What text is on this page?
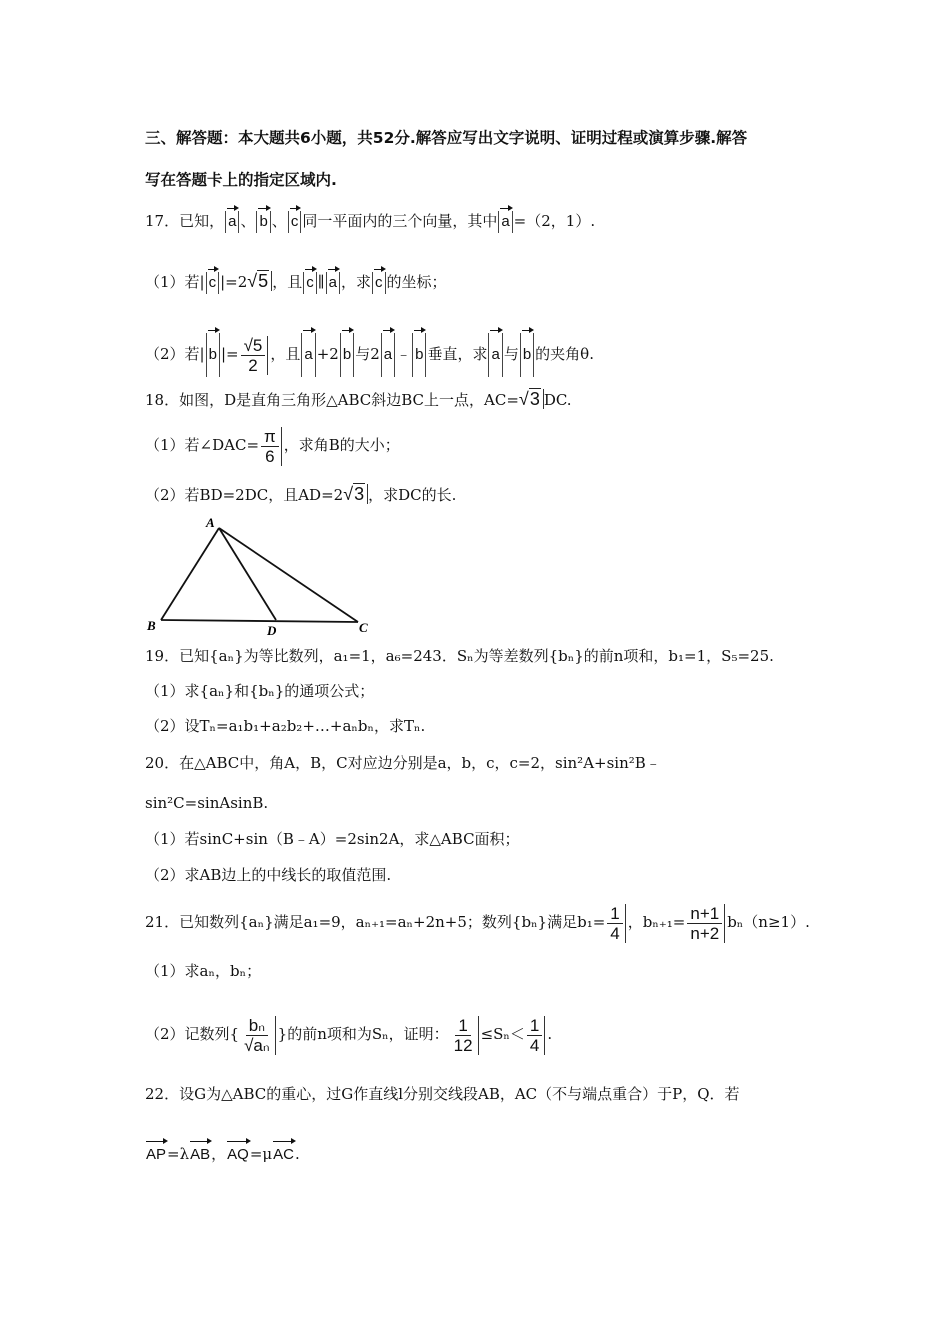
三、解答题：本大题共6小题，共52分.解答应写出文字说明、证明过程或演算步骤.解答
写在答题卡上的指定区域内.
17．已知， a 、 b 、 c 同一平面内的三个向量，其中 a =（2，1）.
（1）若| c |=2√5 ，且 c ∥ a ，求 c 的坐标；
（2）若| b |= $\frac{√5}{2}$ ，且 a +2 b 与2 a ﹣ b 垂直，求 a 与 b 的夹角θ.
18．如图，D是直角三角形△ABC斜边BC上一点，AC=√3 DC.
（1）若∠DAC= $\frac{\pi}{6}$ ，求角B的大小；
（2）若BD=2DC，且AD=2√3 ，求DC的长.
A
B	D	C
19．已知{aₙ}为等比数列，a₁=1，a₆=243．Sₙ为等差数列{bₙ}的前n项和，b₁=1，S₅=25.
（1）求{aₙ}和{bₙ}的通项公式；
（2）设Tₙ=a₁b₁+a₂b₂+…+aₙbₙ，求Tₙ.
20．在△ABC中，角A，B，C对应边分别是a，b，c，c=2，sin²A+sin²B﹣
sin²C=sinAsinB.
（1）若sinC+sin（B﹣A）=2sin2A，求△ABC面积；
（2）求AB边上的中线长的取值范围.
21．已知数列{aₙ}满足a₁=9，aₙ₊₁=aₙ+2n+5；数列{bₙ}满足$b_1= \frac{1}{4}$ ，$b_{n+1}= \frac{n+1}{n+2} b_n(n\ge 1)$.
（1）求aₙ，bₙ；
（2）记数列{ $\frac{\text{bₙ}}{\text{√aₙ}}$ }的前n项和为Sₙ，证明： $\frac{1}{12} \le S_n< \frac{1}{4}$ .
22．设G为△ABC的重心，过G作直线l分别交线段AB，AC（不与端点重合）于P，Q．若
AP=λAB，AQ=μAC.
